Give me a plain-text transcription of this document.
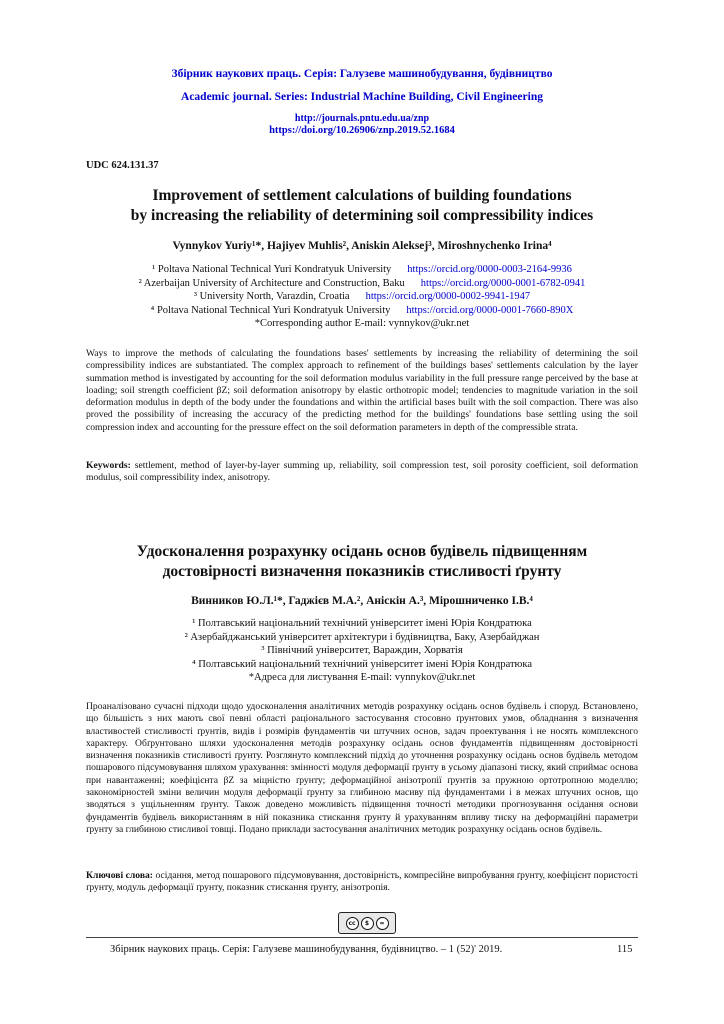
Збірник наукових праць. Серія: Галузеве машинобудування, будівництво
Academic journal. Series: Industrial Machine Building, Civil Engineering
http://journals.pntu.edu.ua/znp
https://doi.org/10.26906/znp.2019.52.1684
UDC 624.131.37
Improvement of settlement calculations of building foundations
by increasing the reliability of determining soil compressibility indices
Vynnykov Yuriy¹*, Hajiyev Muhlis², Aniskin Aleksej³, Miroshnychenko Irina⁴
¹ Poltava National Technical Yuri Kondratyuk University https://orcid.org/0000-0003-2164-9936
² Azerbaijan University of Architecture and Construction, Baku https://orcid.org/0000-0001-6782-0941
³ University North, Varazdin, Croatia https://orcid.org/0000-0002-9941-1947
⁴ Poltava National Technical Yuri Kondratyuk University https://orcid.org/0000-0001-7660-890X
*Corresponding author E-mail: vynnykov@ukr.net
Ways to improve the methods of calculating the foundations bases' settlements by increasing the reliability of determining the soil compressibility indices are substantiated. The complex approach to refinement of the buildings bases' settlements calculation by the layer summation method is investigated by accounting for the soil deformation modulus variability in the full pressure range perceived by the base at loading; soil strength coefficient βZ; soil deformation anisotropy by elastic orthotropic model; tendencies to magnitude variation in the soil deformation modulus in depth of the body under the foundations and within the artificial bases built with the soil compaction. There was also proved the possibility of increasing the accuracy of the predicting method for the buildings' foundations base settling using the soil compression index and accounting for the pressure effect on the soil deformation parameters in depth of the compressible strata.
Keywords: settlement, method of layer-by-layer summing up, reliability, soil compression test, soil porosity coefficient, soil deformation modulus, soil compressibility index, anisotropy.
Удосконалення розрахунку осідань основ будівель підвищенням
достовірності визначення показників стисливості ґрунту
Винников Ю.Л.¹*, Гаджієв М.А.², Аніскін А.³, Мірошниченко І.В.⁴
¹ Полтавський національний технічний університет імені Юрія Кондратюка
² Азербайджанський університет архітектури і будівництва, Баку, Азербайджан
³ Північний університет, Вараждин, Хорватія
⁴ Полтавський національний технічний університет імені Юрія Кондратюка
*Адреса для листування E-mail: vynnykov@ukr.net
Проаналізовано сучасні підходи щодо удосконалення аналітичних методів розрахунку осідань основ будівель і споруд. Встановлено, що більшість з них мають свої певні області раціонального застосування стосовно ґрунтових умов, обладнання з визначення властивостей стисливості ґрунтів, видів і розмірів фундаментів чи штучних основ, задач проектування і не носять комплексного характеру. Обґрунтовано шляхи удосконалення методів розрахунку осідань основ фундаментів підвищенням достовірності визначення показників стисливості ґрунту. Розглянуто комплексний підхід до уточнення розрахунку осідань основ будівель методом пошарового підсумовування шляхом урахування: змінності модуля деформації ґрунту в усьому діапазоні тиску, який сприймає основа при навантаженні; коефіцієнта βZ за міцністю ґрунту; деформаційної анізотропії ґрунтів за пружною ортотропною моделлю; закономірностей зміни величин модуля деформації ґрунту за глибиною масиву під фундаментами і в межах штучних основ, що зводяться з ущільненням ґрунту. Також доведено можливість підвищення точності методики прогнозування осідання основи фундаментів будівель використанням в ній показника стискання ґрунту й урахуванням впливу тиску на деформаційні параметри ґрунту за глибиною стисливої товщі. Подано приклади застосування аналітичних методик розрахунку осідань основ будівель.
Ключові слова: осідання, метод пошарового підсумовування, достовірність, компресійне випробування ґрунту, коефіцієнт пористості ґрунту, модуль деформації ґрунту, показник стискання ґрунту, анізотропія.
cc	$	=
Збірник наукових праць. Серія: Галузеве машинобудування, будівництво. – 1 (52)' 2019.	115
